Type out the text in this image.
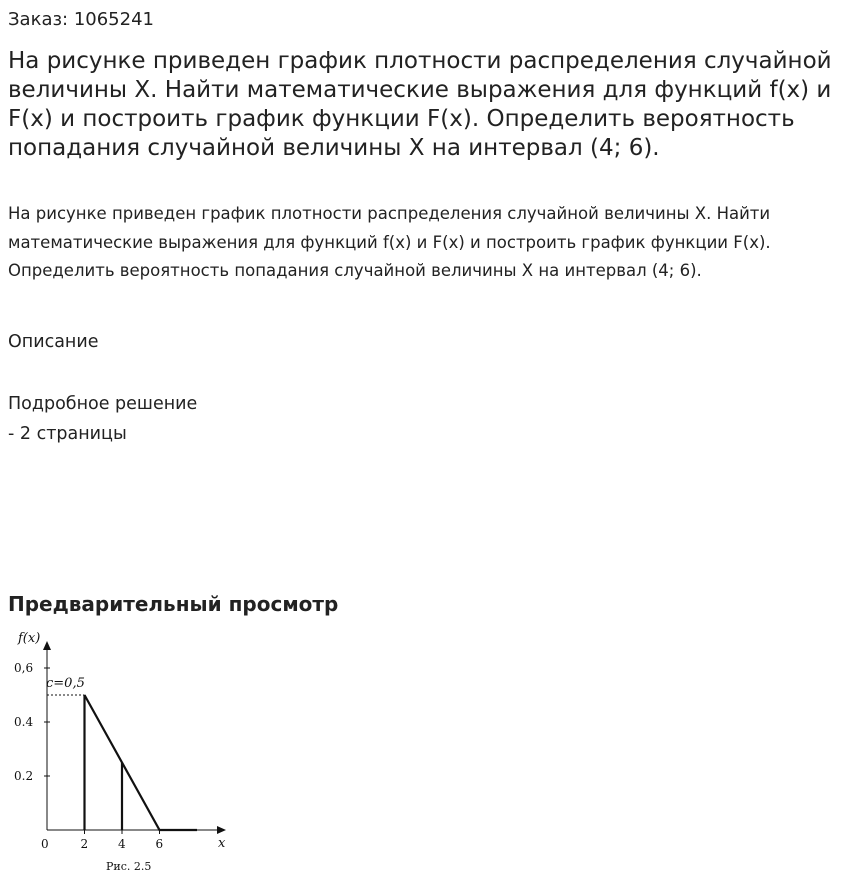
Заказ: 1065241
На рисунке приведен график плотности распределения случайной величины X. Найти математические выражения для функций f(x) и F(x) и построить график функции F(x). Определить вероятность попадания случайной величины X на интервал (4; 6).
На рисунке приведен график плотности распределения случайной величины X. Найти математические выражения для функций f(x) и F(x) и построить график функции F(x). Определить вероятность попадания случайной величины X на интервал (4; 6).
Описание
Подробное решение
- 2 страницы
Предварительный просмотр
f(x)
x
c=0,5
Рис. 2.5
0.2
0.4
0,6
0	2 4 6
